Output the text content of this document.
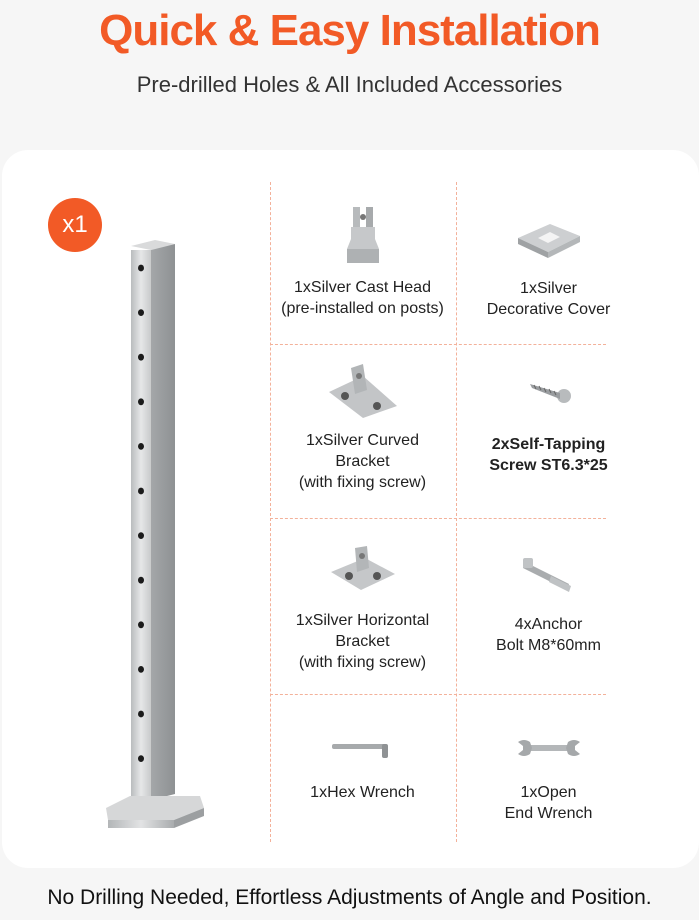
Quick & Easy Installation
Pre-drilled Holes & All Included Accessories
x1
1xSilver Cast Head
(pre-installed on posts)
1xSilver
Decorative Cover
1xSilver Curved
Bracket
(with fixing screw)
2xSelf-Tapping
Screw ST6.3*25
1xSilver Horizontal
Bracket
(with fixing screw)
4xAnchor
Bolt M8*60mm
1xHex Wrench	1xOpen
End Wrench
No Drilling Needed, Effortless Adjustments of Angle and Position.
